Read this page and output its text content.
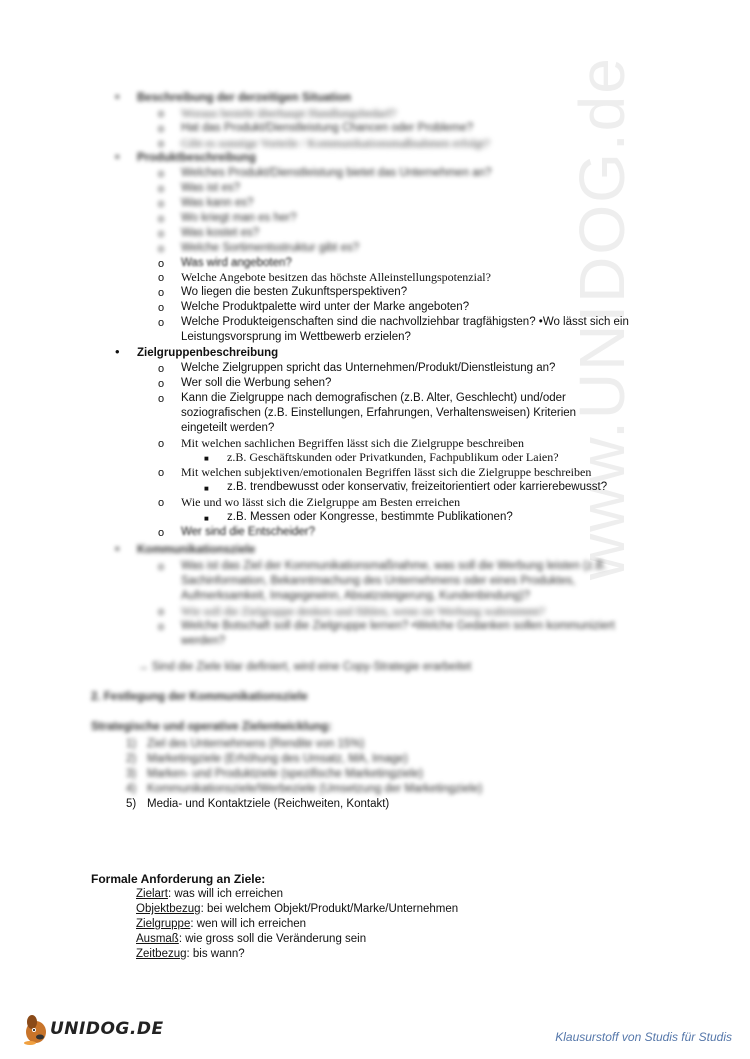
www.UNIDOG.de
• Beschreibung der derzeitigen Situation
o Woraus besteht überhaupt Handlungsbedarf?
o Hat das Produkt/Dienstleistung Chancen oder Probleme?
o Gibt es sonstige Vorteile / Kommunikationsmaßnahmen erfolgt?
• Produktbeschreibung
o Welches Produkt/Dienstleistung bietet das Unternehmen an?
o Was ist es?
o Was kann es?
o Wo kriegt man es her?
o Was kostet es?
o Welche Sortimentsstruktur gibt es?
o Was wird angeboten?
o Welche Angebote besitzen das höchste Alleinstellungspotenzial?
o Wo liegen die besten Zukunftsperspektiven?
o Welche Produktpalette wird unter der Marke angeboten?
o Welche Produkteigenschaften sind die nachvollziehbar tragfähigsten? •Wo lässt sich ein
Leistungsvorsprung im Wettbewerb erzielen?
• Zielgruppenbeschreibung
o Welche Zielgruppen spricht das Unternehmen/Produkt/Dienstleistung an?
o Wer soll die Werbung sehen?
o Kann die Zielgruppe nach demografischen (z.B. Alter, Geschlecht) und/oder
soziografischen (z.B. Einstellungen, Erfahrungen, Verhaltensweisen) Kriterien
eingeteilt werden?
o Mit welchen sachlichen Begriffen lässt sich die Zielgruppe beschreiben
■ z.B. Geschäftskunden oder Privatkunden, Fachpublikum oder Laien?
o Mit welchen subjektiven/emotionalen Begriffen lässt sich die Zielgruppe beschreiben
■ z.B. trendbewusst oder konservativ, freizeitorientiert oder karrierebewusst?
o Wie und wo lässt sich die Zielgruppe am Besten erreichen
■ z.B. Messen oder Kongresse, bestimmte Publikationen?
o Wer sind die Entscheider?
• Kommunikationsziele
o Was ist das Ziel der Kommunikationsmaßnahme, was soll die Werbung leisten (z.B.
Sachinformation, Bekanntmachung des Unternehmens oder eines Produktes,
Aufmerksamkeit, Imagegewinn, Absatzsteigerung, Kundenbindung)?
o Wie soll die Zielgruppe denken und fühlen, wenn sie Werbung wahrnimmt?
o Welche Botschaft soll die Zielgruppe lernen? •Welche Gedanken sollen kommuniziert
werden?
→ Sind die Ziele klar definiert, wird eine Copy-Strategie erarbeitet
2. Festlegung der Kommunikationsziele
Strategische und operative Zielentwicklung:
1) Ziel des Unternehmens (Rendite von 15%)
2) Marketingziele (Erhöhung des Umsatz, MA, Image)
3) Marken- und Produktziele (spezifische Marketingziele)
4) Kommunikationsziele/Werbeziele (Umsetzung der Marketingziele)
5) Media- und Kontaktziele (Reichweiten, Kontakt)
Formale Anforderung an Ziele:
Zielart: was will ich erreichen
Objektbezug: bei welchem Objekt/Produkt/Marke/Unternehmen
Zielgruppe: wen will ich erreichen
Ausmaß: wie gross soll die Veränderung sein
Zeitbezug: bis wann?
UNIDOG.DE	Klausurstoff von Studis für Studis
